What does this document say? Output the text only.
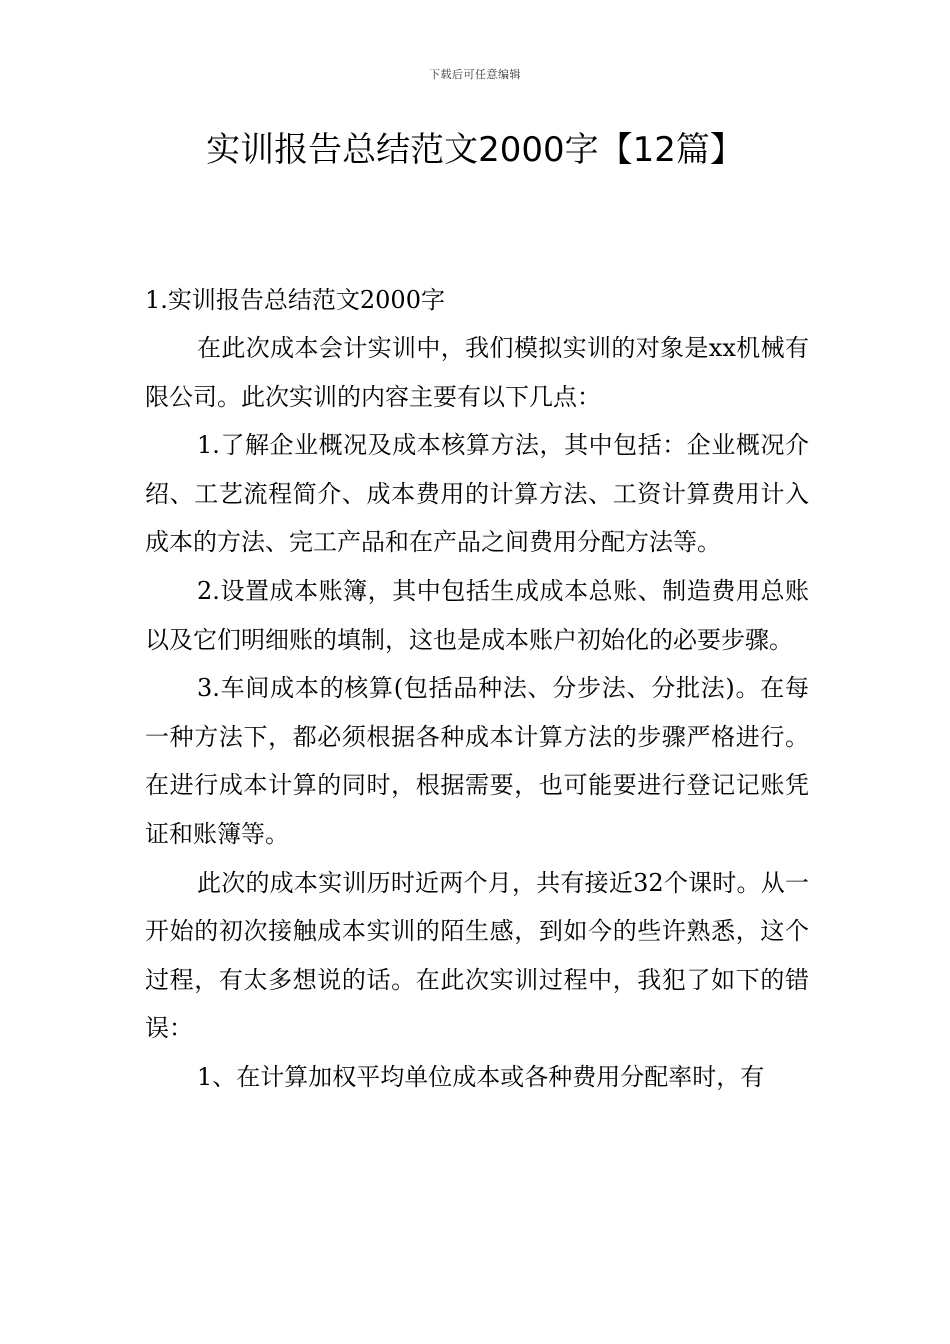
下载后可任意编辑
实训报告总结范文2000字【12篇】

1.实训报告总结范文2000字

在此次成本会计实训中，我们模拟实训的对象是xx机械有限公司。此次实训的内容主要有以下几点：

1.了解企业概况及成本核算方法，其中包括：企业概况介绍、工艺流程简介、成本费用的计算方法、工资计算费用计入成本的方法、完工产品和在产品之间费用分配方法等。

2.设置成本账簿，其中包括生成成本总账、制造费用总账以及它们明细账的填制，这也是成本账户初始化的必要步骤。

3.车间成本的核算(包括品种法、分步法、分批法)。在每一种方法下，都必须根据各种成本计算方法的步骤严格进行。在进行成本计算的同时，根据需要，也可能要进行登记记账凭证和账簿等。

此次的成本实训历时近两个月，共有接近32个课时。从一开始的初次接触成本实训的陌生感，到如今的些许熟悉，这个过程，有太多想说的话。在此次实训过程中，我犯了如下的错误：

1、在计算加权平均单位成本或各种费用分配率时，有
